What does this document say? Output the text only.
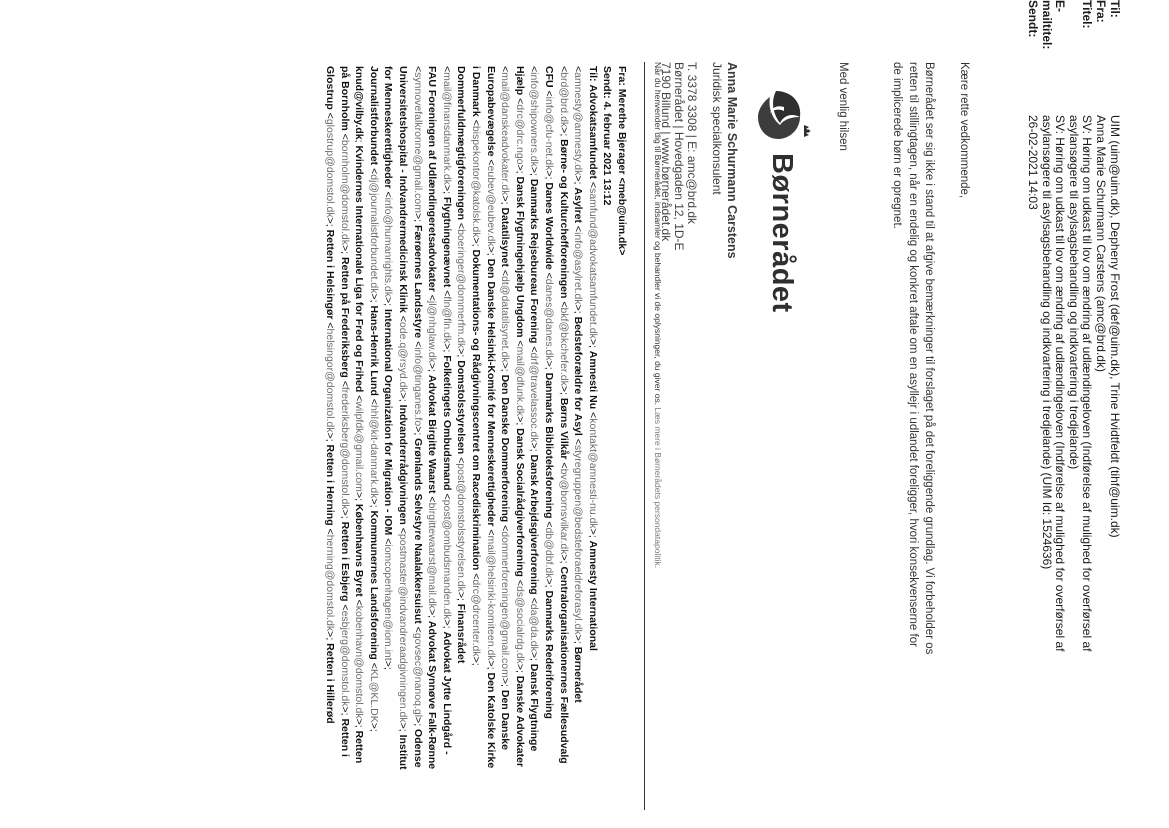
Til:
UIM (uim@uim.dk), Depheny Frost (def@uim.dk), Trine Hvidtfeldt (tihf@uim.dk)
Fra:
Anna Marie Schurmann Carstens (amc@brd.dk)
Titel:
SV: Høring om udkast til lov om ændring af udlændingeloven (Indførelse af mulighed for overførsel af
asylansøgere til asylsagsbehandling og indkvartering i tredjelande)
E-mailtitel:
SV: Høring om udkast til lov om ændring af udlændingeloven (Indførelse af mulighed for overførsel af
asylansøgere til asylsagsbehandling og indkvartering i tredjelande) (UIM Id: 1524636)
Sendt:
26-02-2021 14:03
Kære rette vedkommende,
Børnerådet ser sig ikke i stand til at afgive bemærkninger til forslaget på det foreliggende grundlag. Vi forbeholder os
retten til stillingtagen, når en endelig og konkret aftale om en asyllejr i udlandet foreligger, hvori konsekvenserne for
de implicerede børn er opregnet.
Med venlig hilsen
Børnerådet
Anna Marie Schurmann Carstens
Juridisk specialkonsulent
T. 3378 3308 | E: amc@brd.dk
Børnerådet | Hovedgaden 12, 1D-E
7190 Billund | www.børnerådet.dk
Når du henvender dig til Børnerådet, indsamler og behandler vi de oplysninger, du giver os. Læs mere i Børnerådets persondatapolitik.
Fra: Merethe Bjerager <meb@uim.dk>
Sendt: 4. februar 2021 13:12
Til: Advokatsamfundet <samfund@advokatsamfundet.dk>; Amnesti Nu <kontakt@amnesti-nu.dk>; Amnesty International <amnesty@amnesty.dk>; Asylret <info@asylret.dk>; Bedsteforældre for Asyl <styregruppen@bedsteforaeldreforasyl.dk>; Børnerådet <brd@brd.dk>; Børne- og Kulturchefforeningen <bkf@bkchefer.dk>; Børns Vilkår <bv@bornsvilkar.dk>; Centralorganisationernes Fællesudvalg CFU <info@cfu-net.dk>; Danes Worldwide <danes@danes.dk>; Danmarks Biblioteksforening <db@dbf.dk>; Danmarks Rederiforening <info@shipowners.dk>; Danmarks Rejsebureau Forening <drf@travelassoc.dk>; Dansk Arbejdsgiverforening <da@da.dk>; Dansk Flygtninge Hjælp <drc@drc.ngo>; Dansk Flygtningehjælp Ungdom <mail@dfunk.dk>; Dansk Socialrådgiverforening <ds@socialrdg.dk>; Danske Advokater <mail@danskeadvokater.dk>; Datatilsynet <dt@datatilsynet.dk>; Den Danske Dommerforening <dommerforeningen@gmail.com>; Den Danske Europabevægelse <eubev@eubev.dk>; Den Danske Helsinki-Komité for Menneskerettigheder <mail@helsinki-komiteen.dk>; Den Katolske Kirke i Danmark <bispekontor@katolsk.dk>; Dokumentations- og Rådgivningscentret om Racediskrimination <drc@drcenter.dk>; Dommerfuldmægtigforeningen <boeringer@dommerfm.dk>; Domstolsstyrelsen <post@domstolsstyrelsen.dk>; Finansrådet <mail@finansdanmark.dk>; Flygtningenævnet <fln@fln.dk>; Folketingets Ombudsmand <post@ombudsmanden.dk>; Advokat Jytte Lindgård - FAU Foreningen af Udlændingeretsadvokater <jl@nhglaw.dk>; Advokat Birgitte Waarst <birgittewaarst@mail.dk>; Advokat Synnøve Falk-Rønne <synnovefalkronne@gmail.com>; Færøernes Landsstyre <info@tinganes.fo>; Grønlands Selvstyre Naalakkersuisut <govsec@nanoq.gl>; Odense Universitetshospital - Indvandrermedicinsk Klinik <ode.q@rsyd.dk>; Indvandrerrådgivningen <postmaster@indvandreraadgivningen.dk>; Institut for Menneskerettigheder <info@humanrights.dk>; International Organization for Migration - IOM <iomcopenhagen@iom.int>; Journalistforbundet <dj@journalistforbundet.dk>; Hans-Henrik Lund <hhl@kit-danmark.dk>; Kommunernes Landsforening <KL@KL.DK>; knud@vilby.dk; Kvindernes Internationale Liga for Fred og Frihed <wilpfdk@gmail.com>; Københavns Byret <kobenhavn@domstol.dk>; Retten på Bornholm <bornholm@domstol.dk>; Retten på Frederiksberg <frederiksberg@domstol.dk>; Retten i Esbjerg <esbjerg@domstol.dk>; Retten i Glostrup <glostrup@domstol.dk>; Retten i Helsingør <helsingor@domstol.dk>; Retten i Herning <herning@domstol.dk>; Retten i Hillerød
